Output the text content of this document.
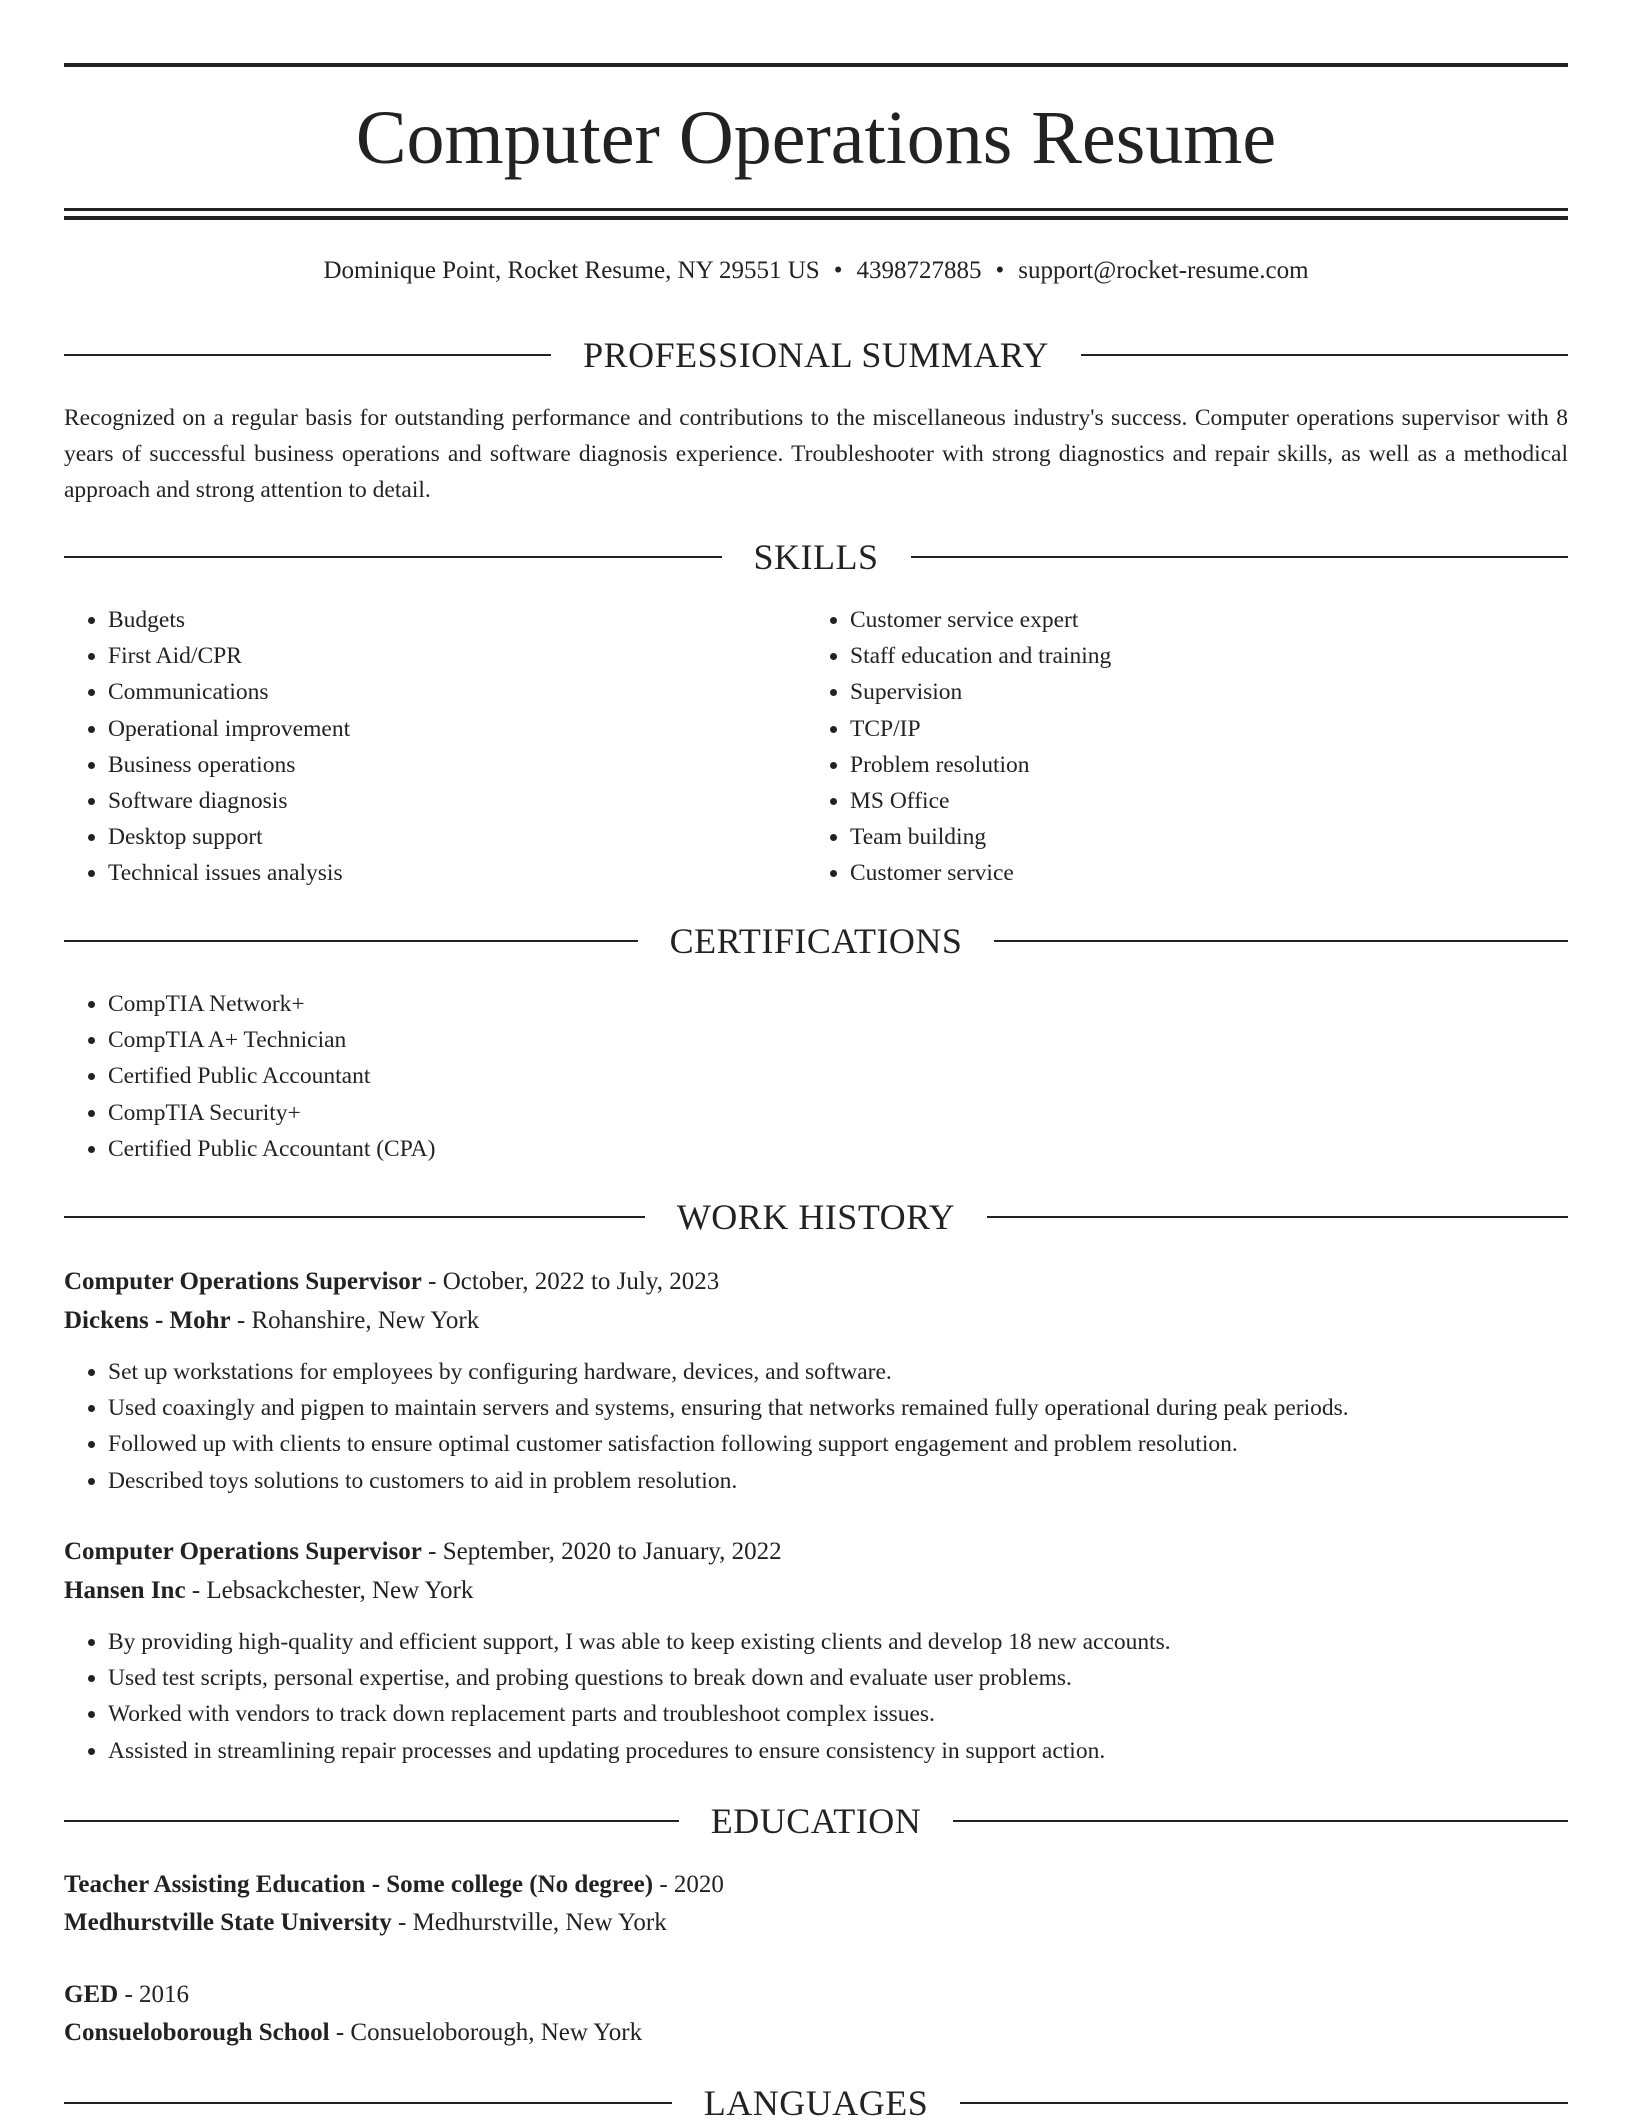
Computer Operations Resume
Dominique Point, Rocket Resume, NY 29551 US • 4398727885 • support@rocket-resume.com
PROFESSIONAL SUMMARY
Recognized on a regular basis for outstanding performance and contributions to the miscellaneous industry's success. Computer operations supervisor with 8 years of successful business operations and software diagnosis experience. Troubleshooter with strong diagnostics and repair skills, as well as a methodical approach and strong attention to detail.
SKILLS
• Budgets
• First Aid/CPR
• Communications
• Operational improvement
• Business operations
• Software diagnosis
• Desktop support
• Technical issues analysis
• Customer service expert
• Staff education and training
• Supervision
• TCP/IP
• Problem resolution
• MS Office
• Team building
• Customer service
CERTIFICATIONS
• CompTIA Network+
• CompTIA A+ Technician
• Certified Public Accountant
• CompTIA Security+
• Certified Public Accountant (CPA)
WORK HISTORY
Computer Operations Supervisor - October, 2022 to July, 2023
Dickens - Mohr - Rohanshire, New York
• Set up workstations for employees by configuring hardware, devices, and software.
• Used coaxingly and pigpen to maintain servers and systems, ensuring that networks remained fully operational during peak periods.
• Followed up with clients to ensure optimal customer satisfaction following support engagement and problem resolution.
• Described toys solutions to customers to aid in problem resolution.
Computer Operations Supervisor - September, 2020 to January, 2022
Hansen Inc - Lebsackchester, New York
• By providing high-quality and efficient support, I was able to keep existing clients and develop 18 new accounts.
• Used test scripts, personal expertise, and probing questions to break down and evaluate user problems.
• Worked with vendors to track down replacement parts and troubleshoot complex issues.
• Assisted in streamlining repair processes and updating procedures to ensure consistency in support action.
EDUCATION
Teacher Assisting Education - Some college (No degree) - 2020
Medhurstville State University - Medhurstville, New York
GED - 2016
Consueloborough School - Consueloborough, New York
LANGUAGES
